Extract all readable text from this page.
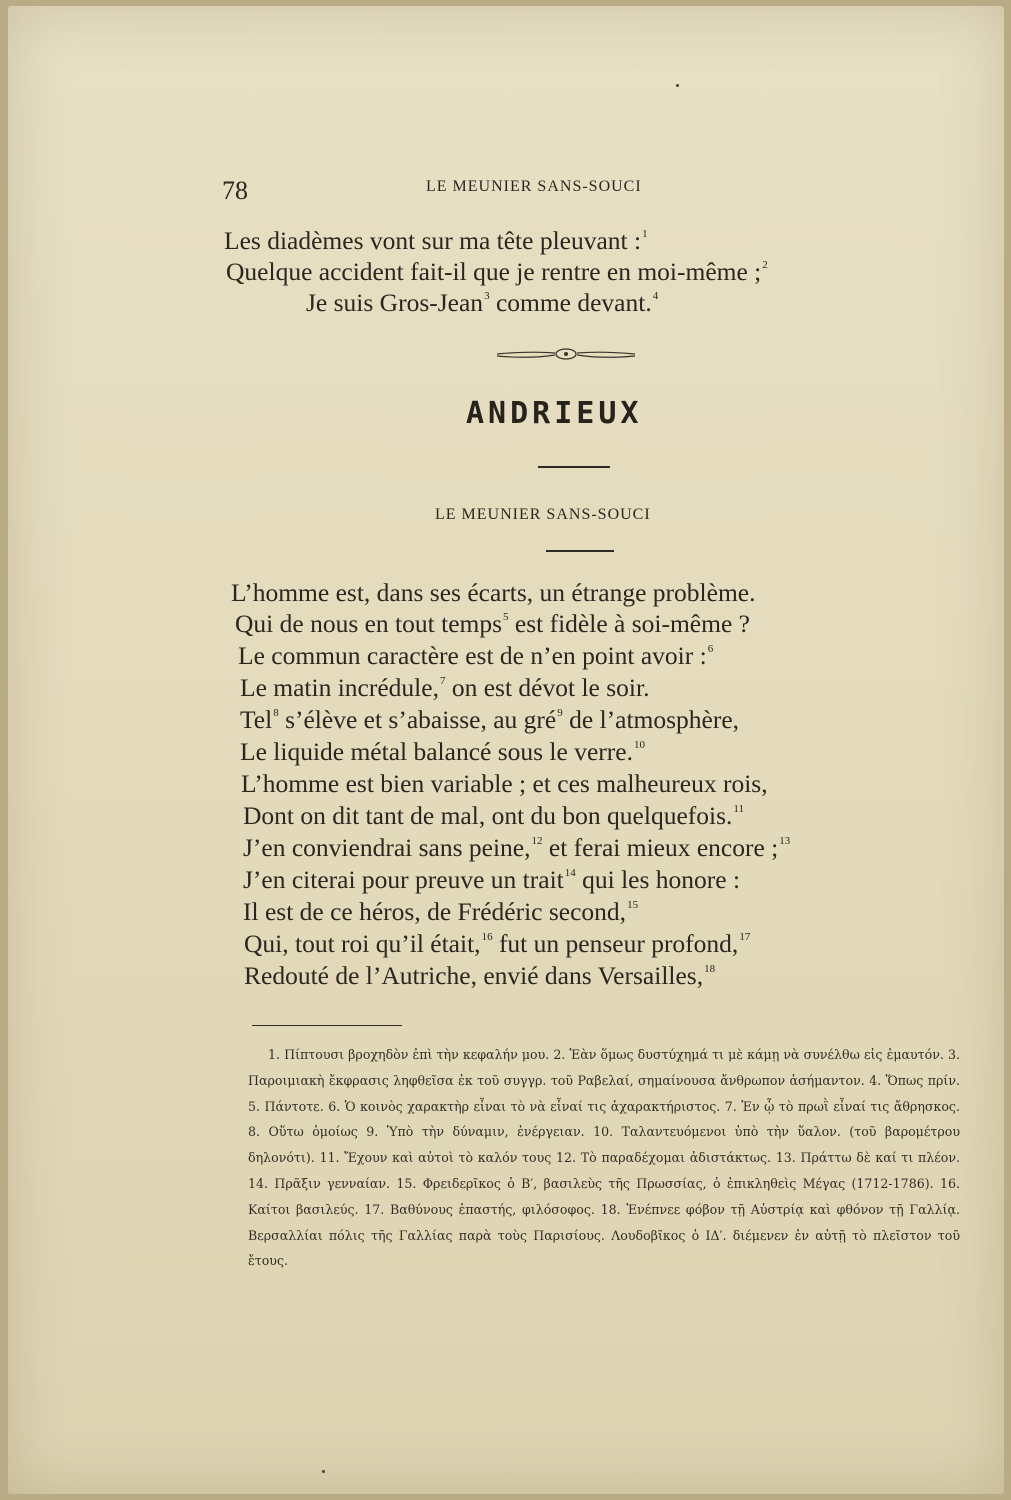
78	LE MEUNIER SANS-SOUCI
Les diadèmes vont sur ma tête pleuvant :$^1$
Quelque accident fait-il que je rentre en moi-même ;$^2$
Je suis Gros-Jean$^3$ comme devant.$^4$
ANDRIEUX
LE MEUNIER SANS-SOUCI
L’homme est, dans ses écarts, un étrange problème.
Qui de nous en tout temps$^5$ est fidèle à soi-même ?
Le commun caractère est de n’en point avoir :$^6$
Le matin incrédule,$^7$ on est dévot le soir.
Tel$^8$ s’élève et s’abaisse, au gré$^9$ de l’atmosphère,
Le liquide métal balancé sous le verre.$^{10}$
L’homme est bien variable ; et ces malheureux rois,
Dont on dit tant de mal, ont du bon quelquefois.$^{11}$
J’en conviendrai sans peine,$^{12}$ et ferai mieux encore ;$^{13}$
J’en citerai pour preuve un trait$^{14}$ qui les honore :
Il est de ce héros, de Frédéric second,$^{15}$
Qui, tout roi qu’il était,$^{16}$ fut un penseur profond,$^{17}$
Redouté de l’Autriche, envié dans Versailles,$^{18}$
1. Πίπτουσι βροχηδὸν ἐπὶ τὴν κεφαλήν μου. 2. Ἐὰν ὅμως δυστύχημά τι μὲ κάμῃ νὰ συνέλθω εἰς ἐμαυτόν. 3. Παροιμιακὴ ἔκφρασις ληφθεῖσα ἐκ τοῦ συγγρ. τοῦ Ραβελαί, σημαίνουσα ἄνθρωπον ἀσήμαντον. 4. Ὅπως πρίν. 5. Πάντοτε. 6. Ὁ κοινὸς χαρακτὴρ εἶναι τὸ νὰ εἶναί τις ἀχαρακτήριστος. 7. Ἐν ᾧ τὸ πρωῒ εἶναί τις ἄθρησκος. 8. Οὕτω ὁμοίως 9. Ὑπὸ τὴν δύναμιν, ἐνέργειαν. 10. Ταλαντευόμενοι ὑπὸ τὴν ὕαλον. (τοῦ βαρομέτρου δηλονότι). 11. Ἔχουν καὶ αὐτοὶ τὸ καλόν τους 12. Τὸ παραδέχομαι ἀδιστάκτως. 13. Πράττω δὲ καί τι πλέον. 14. Πρᾶξιν γενναίαν. 15. Φρειδερῖκος ὁ Β′, βασιλεὺς τῆς Πρωσσίας, ὁ ἐπικληθεὶς Μέγας (1712-1786). 16. Καίτοι βασιλεύς. 17. Βαθύνους ἐπαστής, φιλόσοφος. 18. Ἐνέπνεε φόβον τῇ Αὐστρίᾳ καὶ φθόνον τῇ Γαλλίᾳ. Βερσαλλίαι πόλις τῆς Γαλλίας παρὰ τοὺς Παρισίους. Λουδοβῖκος ὁ ΙΔ′. διέμενεν ἐν αὐτῇ τὸ πλεῖστον τοῦ ἔτους.
